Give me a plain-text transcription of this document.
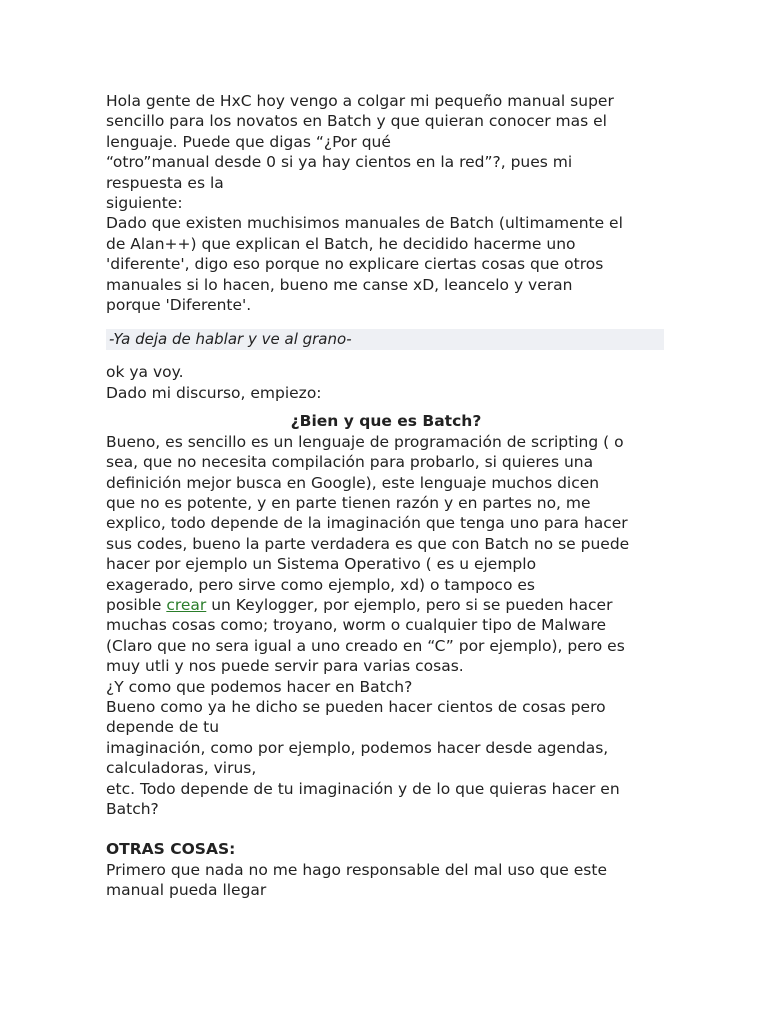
Hola gente de HxC hoy vengo a colgar mi pequeño manual super

sencillo para los novatos en Batch y que quieran conocer mas el

lenguaje. Puede que digas “¿Por qué

“otro”manual desde 0 si ya hay cientos en la red”?, pues mi

respuesta es la

siguiente:

Dado que existen muchisimos manuales de Batch (ultimamente el

de Alan++) que explican el Batch, he decidido hacerme uno

'diferente', digo eso porque no explicare ciertas cosas que otros

manuales si lo hacen, bueno me canse xD, leancelo y veran

porque 'Diferente'.

-Ya deja de hablar y ve al grano-

ok ya voy.

Dado mi discurso, empiezo:

¿Bien y que es Batch?

Bueno, es sencillo es un lenguaje de programación de scripting ( o

sea, que no necesita compilación para probarlo, si quieres una

definición mejor busca en Google), este lenguaje muchos dicen

que no es potente, y en parte tienen razón y en partes no, me

explico, todo depende de la imaginación que tenga uno para hacer

sus codes, bueno la parte verdadera es que con Batch no se puede

hacer por ejemplo un Sistema Operativo ( es u ejemplo

exagerado, pero sirve como ejemplo, xd) o tampoco es

posible crear un Keylogger, por ejemplo, pero si se pueden hacer

muchas cosas como; troyano, worm o cualquier tipo de Malware

(Claro que no sera igual a uno creado en “C” por ejemplo), pero es

muy utli y nos puede servir para varias cosas.

¿Y como que podemos hacer en Batch?

Bueno como ya he dicho se pueden hacer cientos de cosas pero

depende de tu

imaginación, como por ejemplo, podemos hacer desde agendas,

calculadoras, virus,

etc. Todo depende de tu imaginación y de lo que quieras hacer en

Batch?

OTRAS COSAS:

Primero que nada no me hago responsable del mal uso que este

manual pueda llegar
